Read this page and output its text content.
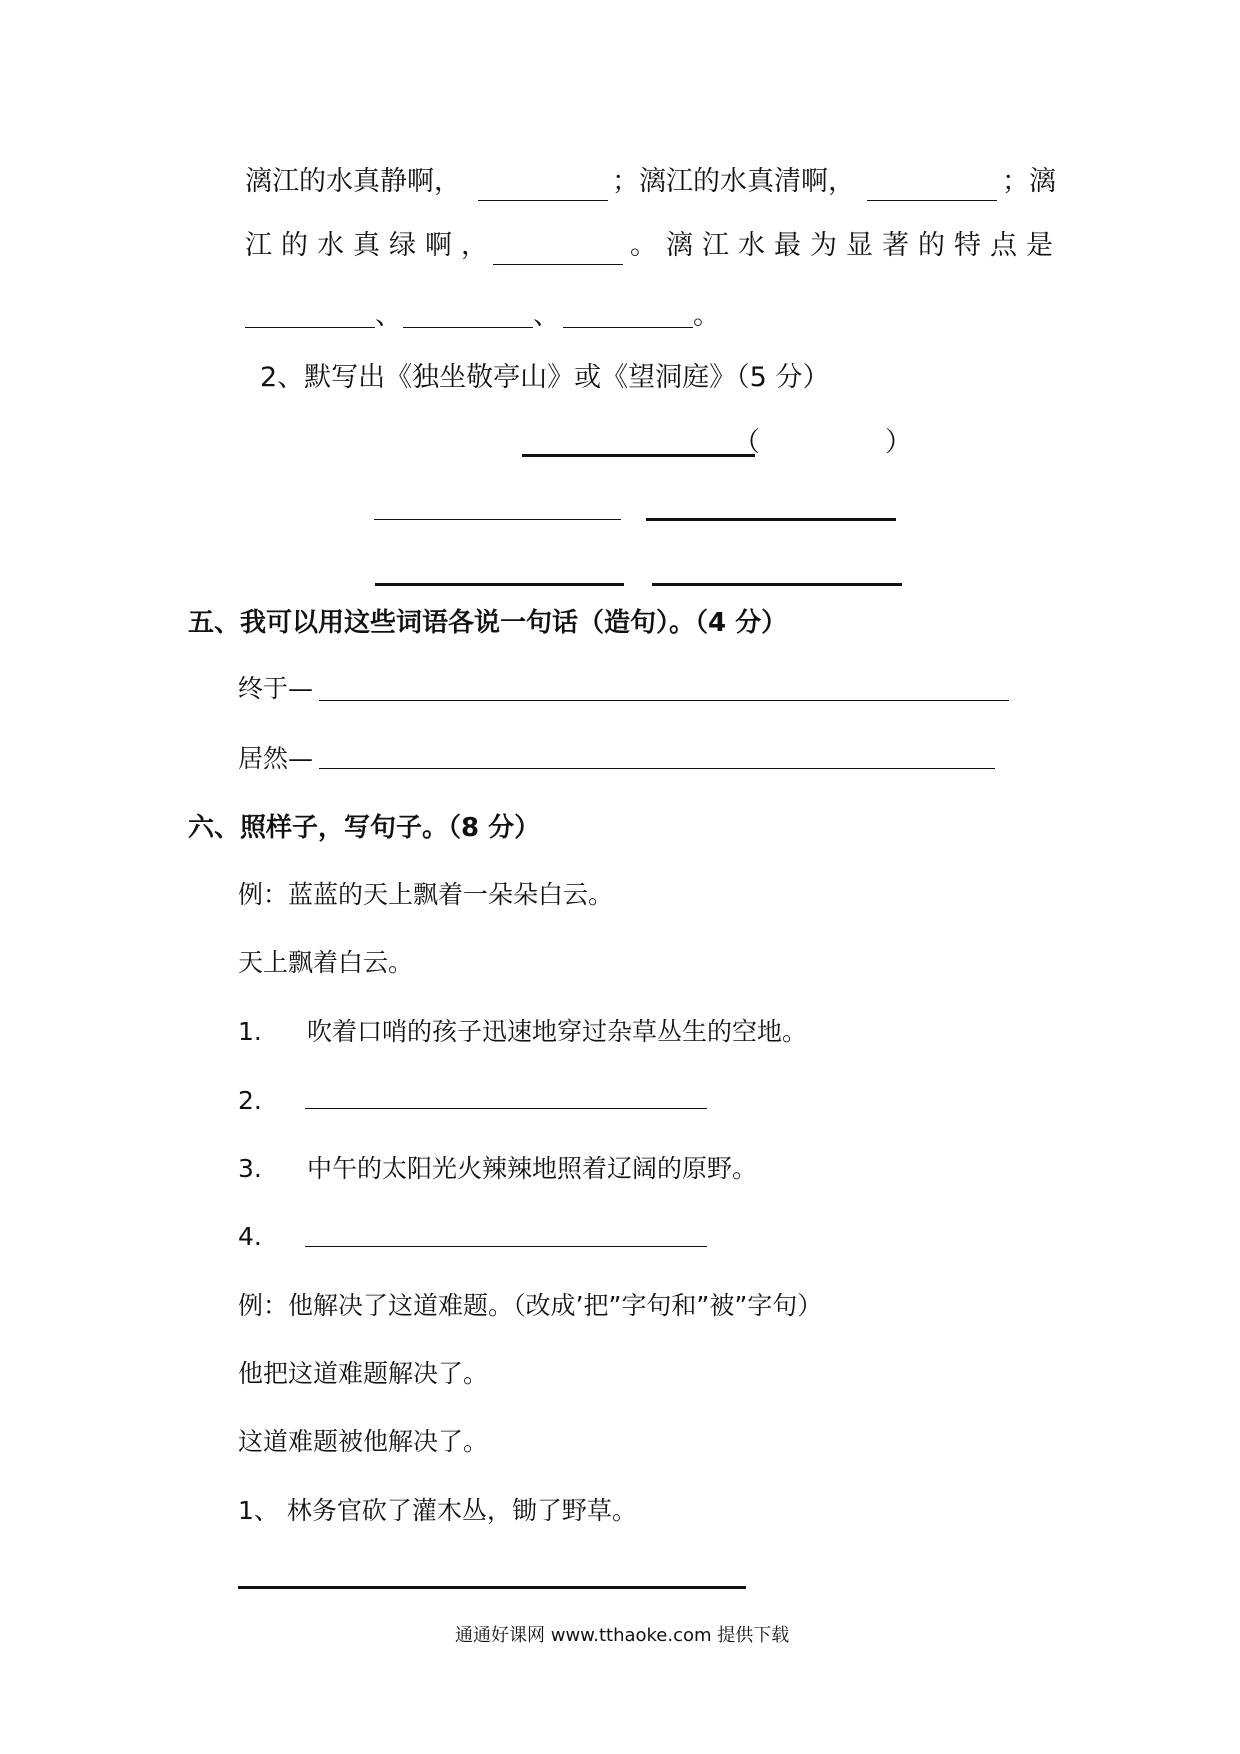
漓江的水真静啊，	；漓江的水真清啊，	；漓
江的水真绿啊，	。漓江水最为显著的特点是
、	、	。
2、默写出《独坐敬亭山》或《望洞庭》（5 分）
（	）
五、我可以用这些词语各说一句话（造句）。（4 分）
终于—
居然—
六、照样子，写句子。（8 分）
例：蓝蓝的天上飘着一朵朵白云。
天上飘着白云。
1. 吹着口哨的孩子迅速地穿过杂草丛生的空地。
2.
3. 中午的太阳光火辣辣地照着辽阔的原野。
4.
例：他解决了这道难题。（改成’把”字句和”被”字句）
他把这道难题解决了。
这道难题被他解决了。
1、 林务官砍了灌木丛，锄了野草。
通通好课网 www.tthaoke.com 提供下载
